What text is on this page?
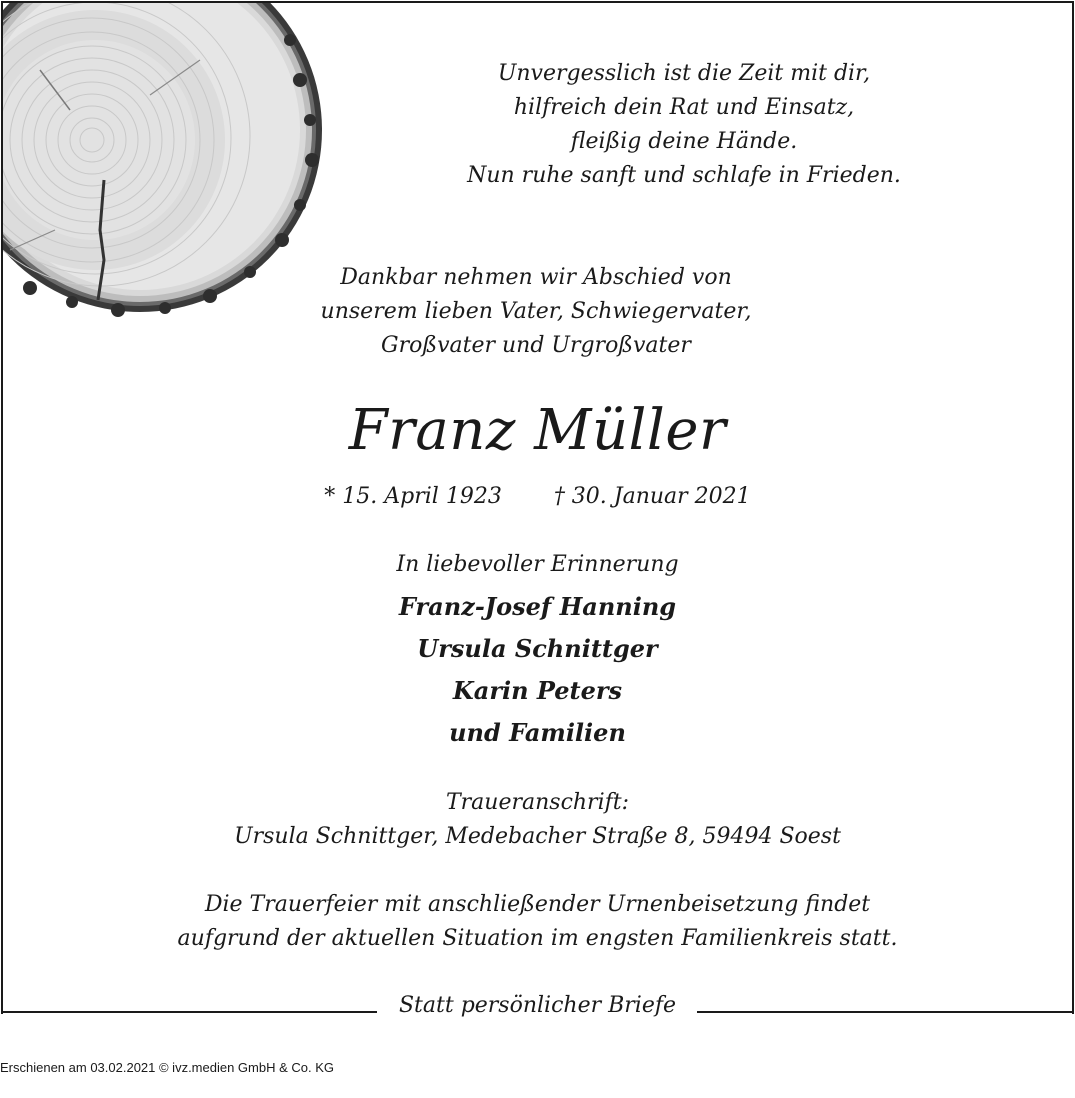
Unvergesslich ist die Zeit mit dir,
hilfreich dein Rat und Einsatz,
fleißig deine Hände.
Nun ruhe sanft und schlafe in Frieden.
Dankbar nehmen wir Abschied von
unserem lieben Vater, Schwiegervater,
Großvater und Urgroßvater
Franz Müller
* 15. April 1923 † 30. Januar 2021
In liebevoller Erinnerung
Franz-Josef Hanning
Ursula Schnittger
Karin Peters
und Familien
Traueranschrift:
Ursula Schnittger, Medebacher Straße 8, 59494 Soest
Die Trauerfeier mit anschließender Urnenbeisetzung findet
aufgrund der aktuellen Situation im engsten Familienkreis statt.
Statt persönlicher Briefe
Erschienen am 03.02.2021 © ivz.medien GmbH & Co. KG
